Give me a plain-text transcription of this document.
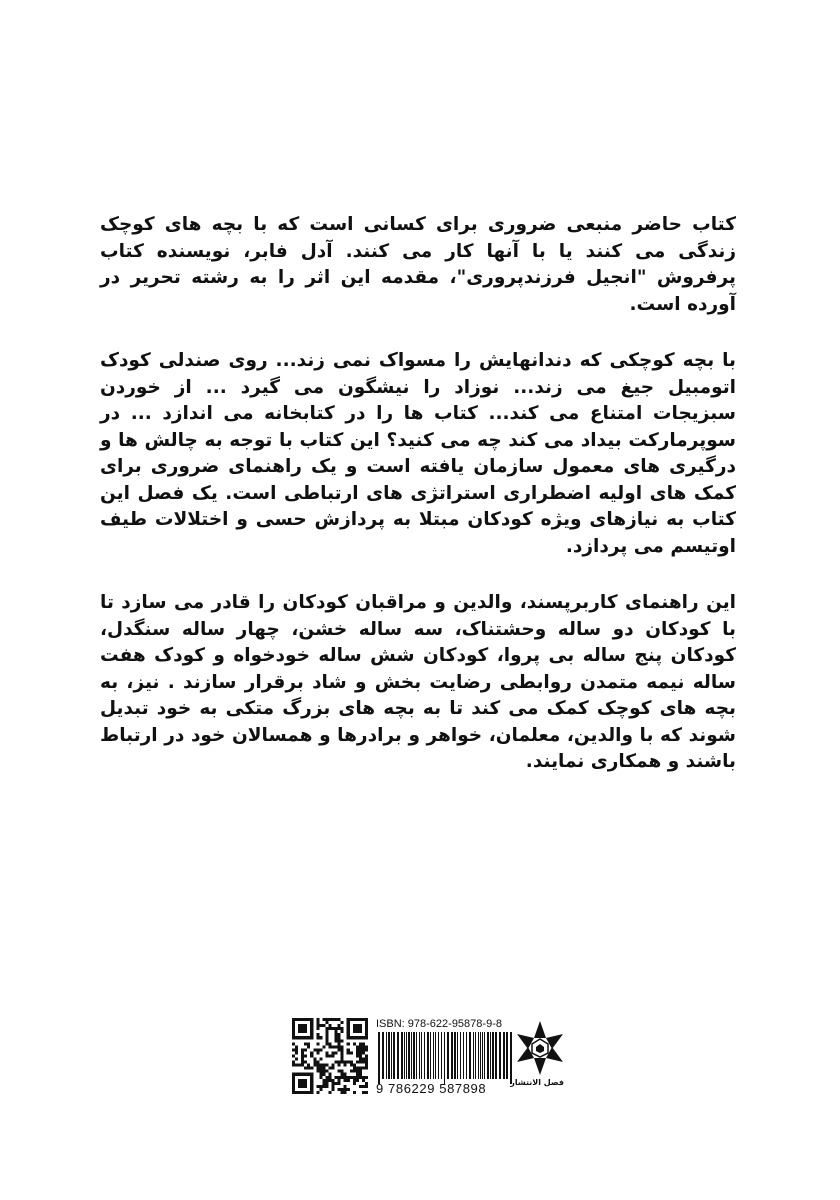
کتاب حاضر منبعی ضروری برای کسانی است که با بچه های کوچک زندگی می کنند یا با آنها کار می کنند. آدل فابر، نویسنده کتاب پرفروش "انجیل فرزندپروری"، مقدمه این اثر را به رشته تحریر در آورده است.

با بچه کوچکی که دندانهایش را مسواک نمی زند... روی صندلی کودک اتومبیل جیغ می زند... نوزاد را نیشگون می گیرد ... از خوردن سبزیجات امتناع می کند... کتاب ها را در کتابخانه می اندازد ... در سوپرمارکت بیداد می کند چه می کنید؟ این کتاب با توجه به چالش ها و درگیری های معمول سازمان یافته است و یک راهنمای ضروری برای کمک های اولیه اضطراری استراتژی های ارتباطی است. یک فصل این کتاب به نیازهای ویژه کودکان مبتلا به پردازش حسی و اختلالات طیف اوتیسم می پردازد.

این راهنمای کاربرپسند، والدین و مراقبان کودکان را قادر می سازد تا با کودکان دو ساله وحشتناک، سه ساله خشن، چهار ساله سنگدل، کودکان پنج ساله بی پروا، کودکان شش ساله خودخواه و کودک هفت ساله نیمه متمدن روابطی رضایت بخش و شاد برقرار سازند . نیز، به بچه های کوچک کمک می کند تا به بچه های بزرگ متکی به خود تبدیل شوند که با والدین، معلمان، خواهر و برادرها و همسالان خود در ارتباط باشند و همکاری نمایند.

ISBN: 978-622-95878-9-8
9 786229 587898	فصل الانتشار
